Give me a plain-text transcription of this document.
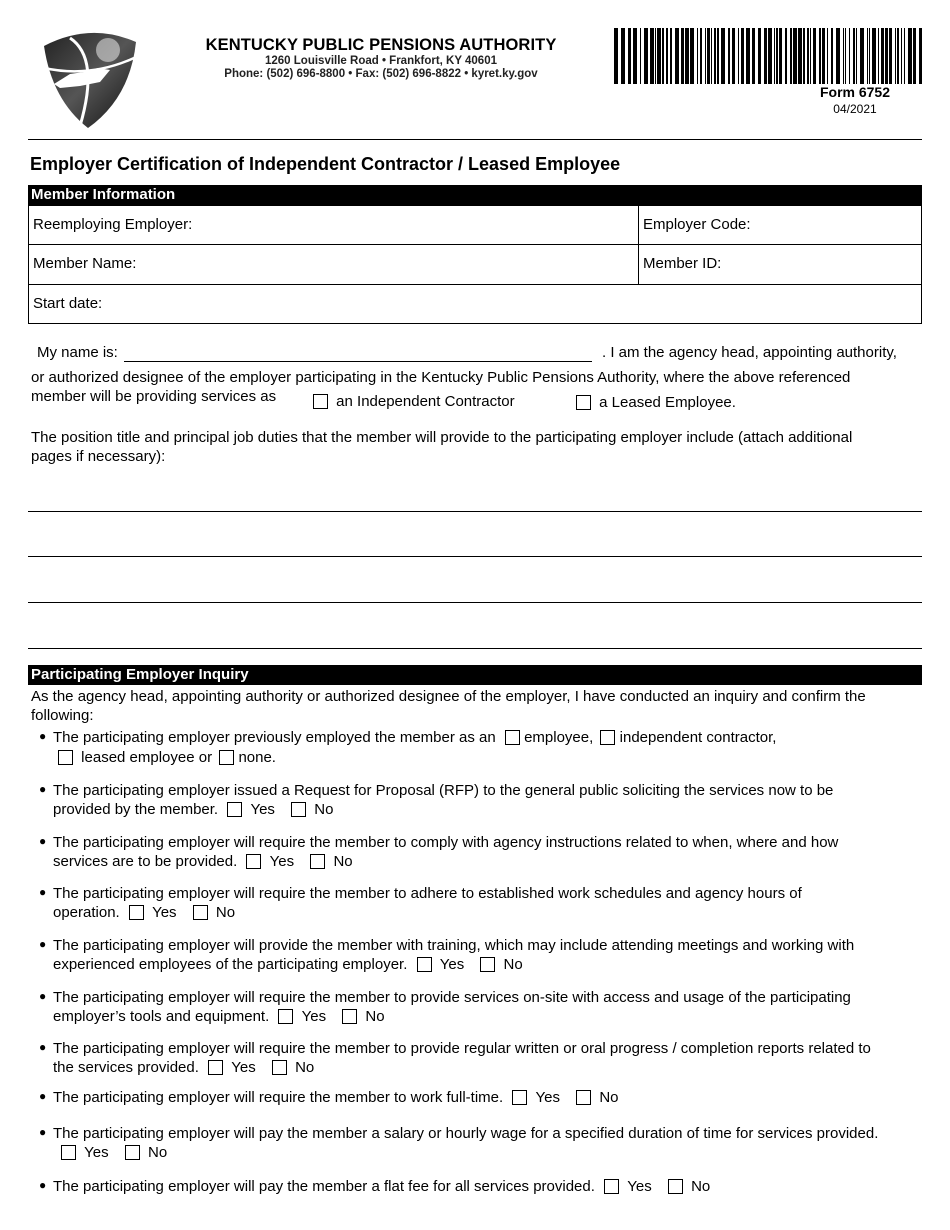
KENTUCKY PUBLIC PENSIONS AUTHORITY
1260 Louisville Road • Frankfort, KY 40601
Phone: (502) 696-8800 • Fax: (502) 696-8822 • kyret.ky.gov
Form 6752
04/2021
Employer Certification of Independent Contractor / Leased Employee
Member Information
Reemploying Employer:	Employer Code:
Member Name:	Member ID:
Start date:
My name is:	. I am the agency head, appointing authority,
or authorized designee of the employer participating in the Kentucky Public Pensions Authority, where the above referenced
member will be providing services as	an Independent Contractor	a Leased Employee.
The position title and principal job duties that the member will provide to the participating employer include (attach additional
pages if necessary):
Participating Employer Inquiry
As the agency head, appointing authority or authorized designee of the employer, I have conducted an inquiry and confirm the
following:
● The participating employer previously employed the member as an employee, independent contractor,
leased employee or none.
● The participating employer issued a Request for Proposal (RFP) to the general public soliciting the services now to be
provided by the member. Yes	No
● The participating employer will require the member to comply with agency instructions related to when, where and how
services are to be provided. Yes	No
● The participating employer will require the member to adhere to established work schedules and agency hours of
operation. Yes	No
● The participating employer will provide the member with training, which may include attending meetings and working with
experienced employees of the participating employer. Yes	No
● The participating employer will require the member to provide services on-site with access and usage of the participating
employer’s tools and equipment. Yes	No
● The participating employer will require the member to provide regular written or oral progress / completion reports related to
the services provided. Yes	No
● The participating employer will require the member to work full-time. Yes	No
● The participating employer will pay the member a salary or hourly wage for a specified duration of time for services provided.
Yes	No
● The participating employer will pay the member a flat fee for all services provided. Yes	No
